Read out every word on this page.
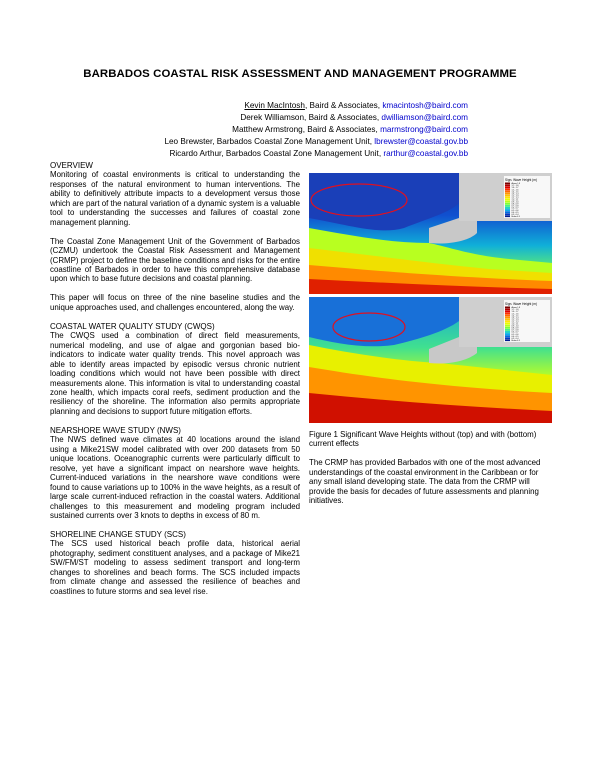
BARBADOS COASTAL RISK ASSESSMENT AND MANAGEMENT PROGRAMME
Kevin MacIntosh, Baird & Associates, kmacintosh@baird.com
Derek Williamson, Baird & Associates, dwilliamson@baird.com
Matthew Armstrong, Baird & Associates, marmstrong@baird.com
Leo Brewster, Barbados Coastal Zone Management Unit, lbrewster@coastal.gov.bb
Ricardo Arthur, Barbados Coastal Zone Management Unit, rarthur@coastal.gov.bb
OVERVIEW

Monitoring of coastal environments is critical to understanding the responses of the natural environment to human interventions. The ability to definitively attribute impacts to a development versus those which are part of the natural variation of a dynamic system is a valuable tool to understanding the successes and failures of coastal zone management planning.

The Coastal Zone Management Unit of the Government of Barbados (CZMU) undertook the Coastal Risk Assessment and Management (CRMP) project to define the baseline conditions and risks for the entire coastline of Barbados in order to have this comprehensive database upon which to base future decisions and coastal planning.

This paper will focus on three of the nine baseline studies and the unique approaches used, and challenges encountered, along the way.

COASTAL WATER QUALITY STUDY (CWQS)

The CWQS used a combination of direct field measurements, numerical modeling, and use of algae and gorgonian based bio-indicators to indicate water quality trends. This novel approach was able to identify areas impacted by episodic versus chronic nutrient loading conditions which would not have been possible with direct measurements alone. This information is vital to understanding coastal zone health, which impacts coral reefs, sediment production and the resiliency of the shoreline. The information also permits appropriate planning and decisions to support future mitigation efforts.

NEARSHORE WAVE STUDY (NWS)

The NWS defined wave climates at 40 locations around the island using a Mike21SW model calibrated with over 200 datasets from 50 unique locations. Oceanographic currents were particularly difficult to resolve, yet have a significant impact on nearshore wave heights. Current-induced variations in the nearshore wave conditions were found to cause variations up to 100% in the wave heights, as a result of large scale current-induced refraction in the coastal waters. Additional challenges to this measurement and modeling program included sustained currents over 3 knots to depths in excess of 80 m.

SHORELINE CHANGE STUDY (SCS)

The SCS used historical beach profile data, historical aerial photography, sediment constituent analyses, and a package of Mike21 SW/FM/ST modeling to assess sediment transport and long-term changes to shorelines and beach forms. The SCS included impacts from climate change and assessed the resilience of beaches and coastlines to future storms and sea level rise.

Sign. Wave Height (m)
Above 1.8
1.7 - 1.8
1.6 - 1.7
1.5 - 1.6
1.4 - 1.5
1.3 - 1.4
1.2 - 1.3
1.1 - 1.2
1.0 - 1.1
0.9 - 1.0
0.8 - 0.9
0.7 - 0.8
0.6 - 0.7
0.5 - 0.6
0.4 - 0.5
0.3 - 0.4
Below 0.3
Sign. Wave Height (m)
Above 1.8
1.7 - 1.8
1.6 - 1.7
1.5 - 1.6
1.4 - 1.5
1.3 - 1.4
1.2 - 1.3
1.1 - 1.2
1.0 - 1.1
0.9 - 1.0
0.8 - 0.9
0.7 - 0.8
0.6 - 0.7
0.5 - 0.6
0.4 - 0.5
0.3 - 0.4
Below 0.3

Figure 1 Significant Wave Heights without (top) and with (bottom) current effects

The CRMP has provided Barbados with one of the most advanced understandings of the coastal environment in the Caribbean or for any small island developing state. The data from the CRMP will provide the basis for decades of future assessments and planning initiatives.
